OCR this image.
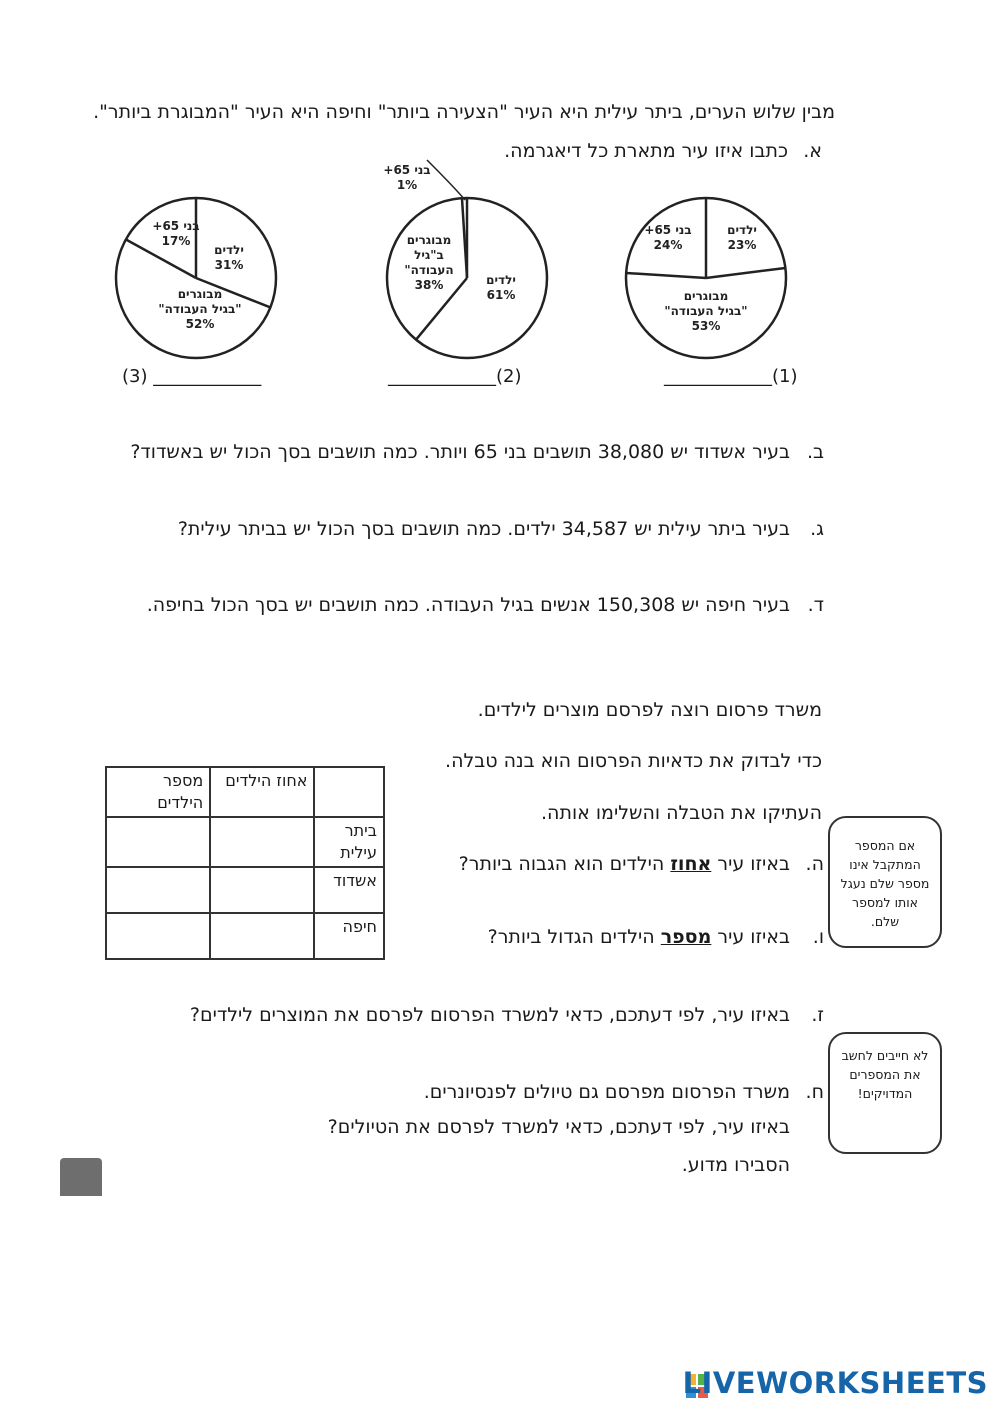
מבין שלוש הערים, ביתר עילית היא העיר "הצעירה ביותר" וחיפה היא העיר "המבוגרת ביותר".
א.כתבו איזו עיר מתארת כל דיאגרמה.
ילדים 23%
מבוגרים "בגיל העבודה" 53%
בני 65+ 24%
ילדים 61%
מבוגרים ב"גיל העבודה" 38%
בני 65+ 1%
ילדים 31%
מבוגרים "בגיל העבודה" 52%
בני 65+ 17%
____________(1)
____________(2)
(3) ____________
ב.בעיר אשדוד יש 38,080 תושבים בני 65 ויותר. כמה תושבים בסך הכול יש באשדוד?
ג.בעיר ביתר עילית יש 34,587 ילדים. כמה תושבים בסך הכול יש בביתר עילית?
ד.בעיר חיפה יש 150,308 אנשים בגיל העבודה. כמה תושבים יש בסך הכול בחיפה.
משרד פרסום רוצה לפרסם מוצרים לילדים.
כדי לבדוק את כדאיות הפרסום הוא בנה טבלה.
העתיקו את הטבלה והשלימו אותה.
	אחוז הילדים	מספר הילדים
ביתר עילית		
אשדוד		
חיפה		
ה.באיזו עיר אחוז הילדים הוא הגבוה ביותר?
ו.באיזו עיר מספר הילדים הגדול ביותר?
אם המספר המתקבל אינו מספר שלם נעגל אותו למספר שלם.
ז.באיזו עיר, לפי דעתכם, כדאי למשרד הפרסום לפרסם את המוצרים לילדים?
ח.משרד הפרסום מפרסם גם טיולים לפנסיונרים.
באיזו עיר, לפי דעתכם, כדאי למשרד לפרסם את הטיולים?
הסבירו מדוע.
לא חייבים לחשב את המספרים המדויקים!
LIVEWORKSHEETS
